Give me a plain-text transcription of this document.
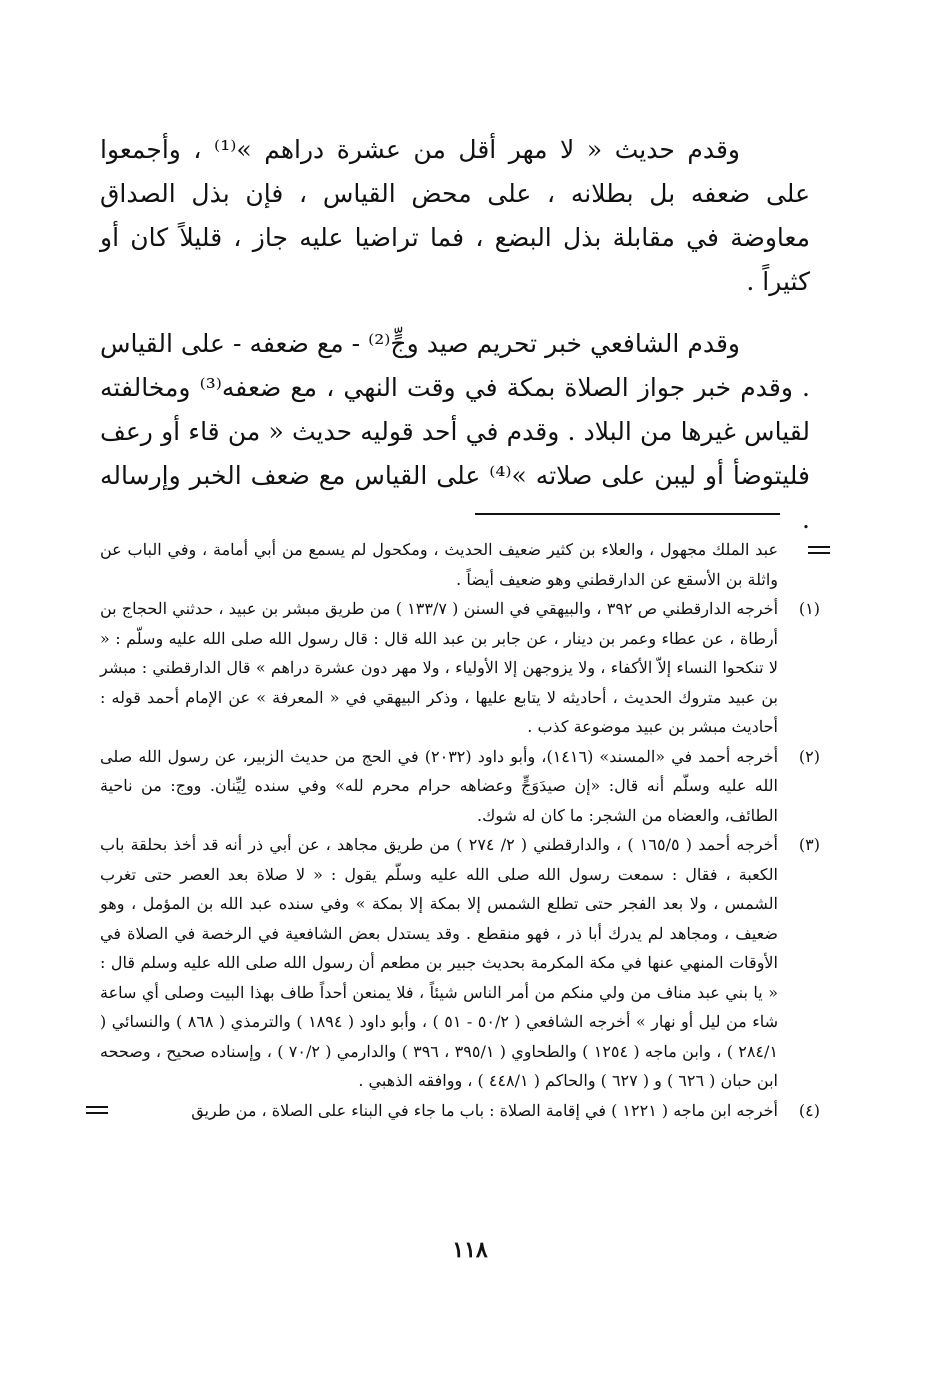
وقدم حديث « لا مهر أقل من عشرة دراهم »⁽¹⁾ ، وأجمعوا على ضعفه بل بطلانه ، على محض القياس ، فإن بذل الصداق معاوضة في مقابلة بذل البضع ، فما تراضيا عليه جاز ، قليلاً كان أو كثيراً .

وقدم الشافعي خبر تحريم صيد وجٍّ⁽²⁾ - مع ضعفه - على القياس . وقدم خبر جواز الصلاة بمكة في وقت النهي ، مع ضعفه⁽³⁾ ومخالفته لقياس غيرها من البلاد . وقدم في أحد قوليه حديث « من قاء أو رعف فليتوضأ أو ليبن على صلاته »⁽⁴⁾ على القياس مع ضعف الخبر وإرساله .

عبد الملك مجهول ، والعلاء بن كثير ضعيف الحديث ، ومكحول لم يسمع من أبي أمامة ، وفي الباب عن واثلة بن الأسقع عن الدارقطني وهو ضعيف أيضاً .
(١)
أخرجه الدارقطني ص ٣٩٢ ، والبيهقي في السنن ( ١٣٣/٧ ) من طريق مبشر بن عبيد ، حدثني الحجاج بن أرطاة ، عن عطاء وعمر بن دينار ، عن جابر بن عبد الله قال : قال رسول الله صلى الله عليه وسلّم : « لا تنكحوا النساء إلاّ الأكفاء ، ولا يزوجهن إلا الأولياء ، ولا مهر دون عشرة دراهم » قال الدارقطني : مبشر بن عبيد متروك الحديث ، أحاديثه لا يتابع عليها ، وذكر البيهقي في « المعرفة » عن الإمام أحمد قوله : أحاديث مبشر بن عبيد موضوعة كذب .
(٢)
أخرجه أحمد في «المسند» (١٤١٦)، وأبو داود (٢٠٣٢) في الحج من حديث الزبير، عن رسول الله صلى الله عليه وسلّم أنه قال: «إن صيدَوَجٍّ وعضاهه حرام محرم لله» وفي سنده لِيِّنان. ووج: من ناحية الطائف، والعضاه من الشجر: ما كان له شوك.
(٣)
أخرجه أحمد ( ١٦٥/٥ ) ، والدارقطني ( ٢/ ٢٧٤ ) من طريق مجاهد ، عن أبي ذر أنه قد أخذ بحلقة باب الكعبة ، فقال : سمعت رسول الله صلى الله عليه وسلّم يقول : « لا صلاة بعد العصر حتى تغرب الشمس ، ولا بعد الفجر حتى تطلع الشمس إلا بمكة إلا بمكة » وفي سنده عبد الله بن المؤمل ، وهو ضعيف ، ومجاهد لم يدرك أبا ذر ، فهو منقطع . وقد يستدل بعض الشافعية في الرخصة في الصلاة في الأوقات المنهي عنها في مكة المكرمة بحديث جبير بن مطعم أن رسول الله صلى الله عليه وسلم قال : « يا بني عبد مناف من ولي منكم من أمر الناس شيئاً ، فلا يمنعن أحداً طاف بهذا البيت وصلى أي ساعة شاء من ليل أو نهار » أخرجه الشافعي ( ٥٠/٢ - ٥١ ) ، وأبو داود ( ١٨٩٤ ) والترمذي ( ٨٦٨ ) والنسائي ( ٢٨٤/١ ) ، وابن ماجه ( ١٢٥٤ ) والطحاوي ( ٣٩٥/١ ، ٣٩٦ ) والدارمي ( ٧٠/٢ ) ، وإسناده صحيح ، وصححه ابن حبان ( ٦٢٦ ) و ( ٦٢٧ ) والحاكم ( ٤٤٨/١ ) ، ووافقه الذهبي .
(٤)
أخرجه ابن ماجه ( ١٢٢١ ) في إقامة الصلاة : باب ما جاء في البناء على الصلاة ، من طريق
١١٨
